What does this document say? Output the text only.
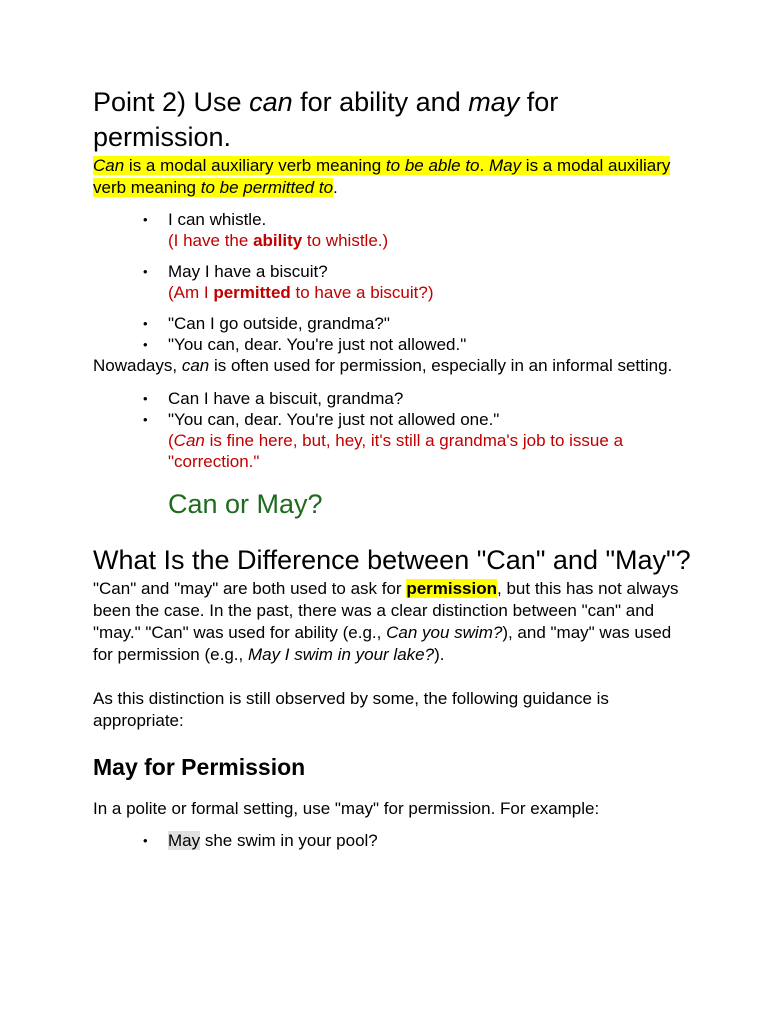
Point 2) Use can for ability and may for permission.

Can is a modal auxiliary verb meaning to be able to. May is a modal auxiliary verb meaning to be permitted to.

• I can whistle.
(I have the ability to whistle.)
• May I have a biscuit?
(Am I permitted to have a biscuit?)
• "Can I go outside, grandma?"
• "You can, dear. You're just not allowed."

Nowadays, can is often used for permission, especially in an informal setting.

• Can I have a biscuit, grandma?
• "You can, dear. You're just not allowed one."
(Can is fine here, but, hey, it's still a grandma's job to issue a "correction."
Can or May?
What Is the Difference between "Can" and "May"?

"Can" and "may" are both used to ask for permission, but this has not always been the case. In the past, there was a clear distinction between "can" and "may." "Can" was used for ability (e.g., Can you swim?), and "may" was used for permission (e.g., May I swim in your lake?).

As this distinction is still observed by some, the following guidance is appropriate:

May for Permission

In a polite or formal setting, use "may" for permission. For example:

• May she swim in your pool?
